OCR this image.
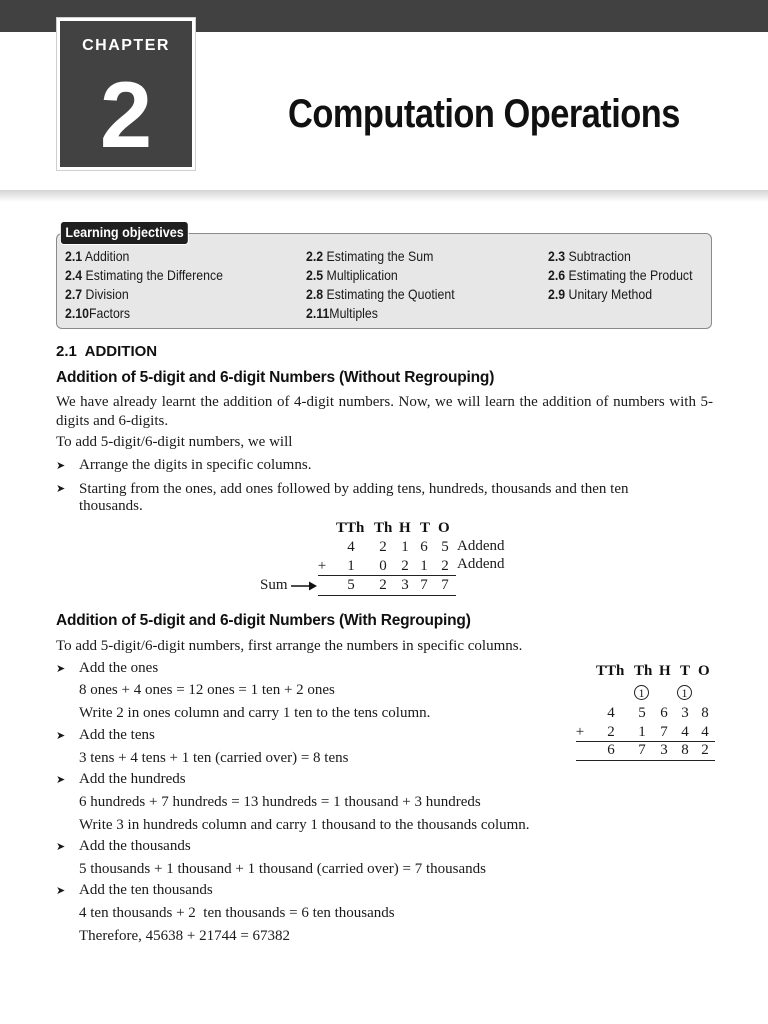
CHAPTER
2	Computation Operations
Learning objectives
2.1 Addition	2.2 Estimating the Sum	2.3 Subtraction
2.4 Estimating the Difference	2.5 Multiplication	2.6 Estimating the Product
2.7 Division	2.8 Estimating the Quotient	2.9 Unitary Method
2.10Factors	2.11Multiples
2.1 ADDITION
Addition of 5-digit and 6-digit Numbers (Without Regrouping)
We have already learnt the addition of 4-digit numbers. Now, we will learn the addition of numbers with 5-digits and 6-digits.
To add 5-digit/6-digit numbers, we will
➤ Arrange the digits in specific columns.
➤ Starting from the ones, add ones followed by adding tens, hundreds, thousands and then ten
thousands.
TTh Th H T O
4 2 1 6 5 Addend
+ 1 0 2 1 2 Addend
Sum	5 2 3 7 7
Addition of 5-digit and 6-digit Numbers (With Regrouping)
To add 5-digit/6-digit numbers, first arrange the numbers in specific columns.
➤ Add the ones
8 ones + 4 ones = 12 ones = 1 ten + 2 ones
Write 2 in ones column and carry 1 ten to the tens column.
➤ Add the tens
3 tens + 4 tens + 1 ten (carried over) = 8 tens
➤ Add the hundreds
6 hundreds + 7 hundreds = 13 hundreds = 1 thousand + 3 hundreds
Write 3 in hundreds column and carry 1 thousand to the thousands column.
➤ Add the thousands
5 thousands + 1 thousand + 1 thousand (carried over) = 7 thousands
➤ Add the ten thousands
4 ten thousands + 2  ten thousands = 6 ten thousands
Therefore, 45638 + 21744 = 67382
TTh Th H T O
1	1
4 5 6 3 8
+ 2 1 7 4 4
6 7 3 8 2
